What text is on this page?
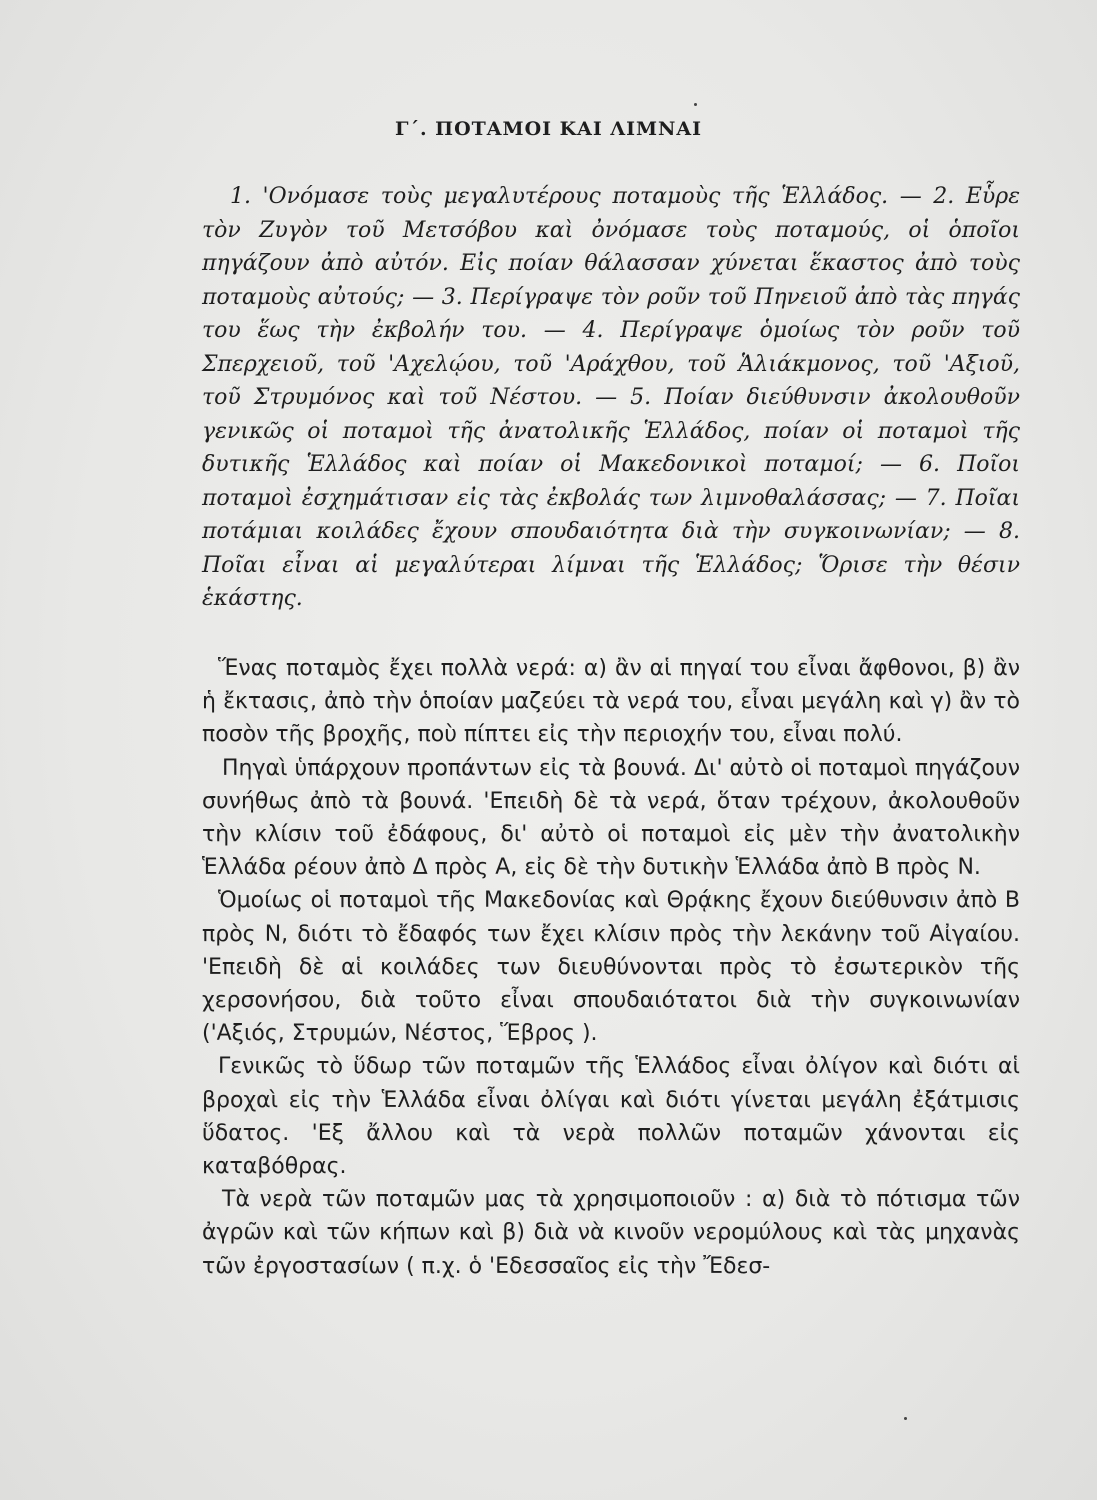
Γ΄. ΠΟΤΑΜΟΙ ΚΑΙ ΛΙΜΝΑΙ
1. 'Ονόμασε τοὺς μεγαλυτέρους ποταμοὺς τῆς Ἑλλάδος. — 2. Εὗρε τὸν Ζυγὸν τοῦ Μετσόβου καὶ ὀνόμασε τοὺς ποταμούς, οἱ ὁποῖοι πηγάζουν ἀπὸ αὐτόν. Εἰς ποίαν θάλασσαν χύνεται ἕκαστος ἀπὸ τοὺς ποταμοὺς αὐτούς; — 3. Περίγραψε τὸν ροῦν τοῦ Πηνειοῦ ἀπὸ τὰς πηγάς του ἕως τὴν ἐκβολήν του. — 4. Περίγραψε ὁμοίως τὸν ροῦν τοῦ Σπερχειοῦ, τοῦ 'Αχελῴου, τοῦ 'Αράχθου, τοῦ Ἁλιάκμονος, τοῦ 'Αξιοῦ, τοῦ Στρυμόνος καὶ τοῦ Νέστου. — 5. Ποίαν διεύθυνσιν ἀκολουθοῦν γενικῶς οἱ ποταμοὶ τῆς ἀνατολικῆς Ἑλλάδος, ποίαν οἱ ποταμοὶ τῆς δυτικῆς Ἑλλάδος καὶ ποίαν οἱ Μακεδονικοὶ ποταμοί; — 6. Ποῖοι ποταμοὶ ἐσχημάτισαν εἰς τὰς ἐκβολάς των λιμνοθαλάσσας; — 7. Ποῖαι ποτάμιαι κοιλάδες ἔχουν σπουδαιότητα διὰ τὴν συγκοινωνίαν; — 8. Ποῖαι εἶναι αἱ μεγαλύτεραι λίμναι τῆς Ἑλλάδος; Ὅρισε τὴν θέσιν ἑκάστης.

Ἕνας ποταμὸς ἔχει πολλὰ νερά: α) ἂν αἱ πηγαί του εἶναι ἄφθονοι, β) ἂν ἡ ἔκτασις, ἀπὸ τὴν ὁποίαν μαζεύει τὰ νερά του, εἶναι μεγάλη καὶ γ) ἂν τὸ ποσὸν τῆς βροχῆς, ποὺ πίπτει εἰς τὴν περιοχήν του, εἶναι πολύ.

Πηγαὶ ὑπάρχουν προπάντων εἰς τὰ βουνά. Δι' αὐτὸ οἱ ποταμοὶ πηγάζουν συνήθως ἀπὸ τὰ βουνά. 'Επειδὴ δὲ τὰ νερά, ὅταν τρέχουν, ἀκολουθοῦν τὴν κλίσιν τοῦ ἐδάφους, δι' αὐτὸ οἱ ποταμοὶ εἰς μὲν τὴν ἀνατολικὴν Ἑλλάδα ρέουν ἀπὸ Δ πρὸς Α, εἰς δὲ τὴν δυτικὴν Ἑλλάδα ἀπὸ Β πρὸς Ν.

Ὁμοίως οἱ ποταμοὶ τῆς Μακεδονίας καὶ Θρᾴκης ἔχουν διεύθυνσιν ἀπὸ Β πρὸς Ν, διότι τὸ ἔδαφός των ἔχει κλίσιν πρὸς τὴν λεκάνην τοῦ Αἰγαίου. 'Επειδὴ δὲ αἱ κοιλάδες των διευθύνονται πρὸς τὸ ἐσωτερικὸν τῆς χερσονήσου, διὰ τοῦτο εἶναι σπουδαιότατοι διὰ τὴν συγκοινωνίαν ('Αξιός, Στρυμών, Νέστος, Ἕβρος ).

Γενικῶς τὸ ὕδωρ τῶν ποταμῶν τῆς Ἑλλάδος εἶναι ὀλίγον καὶ διότι αἱ βροχαὶ εἰς τὴν Ἑλλάδα εἶναι ὀλίγαι καὶ διότι γίνεται μεγάλη ἐξάτμισις ὕδατος. 'Εξ ἄλλου καὶ τὰ νερὰ πολλῶν ποταμῶν χάνονται εἰς καταβόθρας.

Τὰ νερὰ τῶν ποταμῶν μας τὰ χρησιμοποιοῦν : α) διὰ τὸ πότισμα τῶν ἀγρῶν καὶ τῶν κήπων καὶ β) διὰ νὰ κινοῦν νερομύλους καὶ τὰς μηχανὰς τῶν ἐργοστασίων ( π.χ. ὁ 'Εδεσσαῖος εἰς τὴν Ἔδεσ-
